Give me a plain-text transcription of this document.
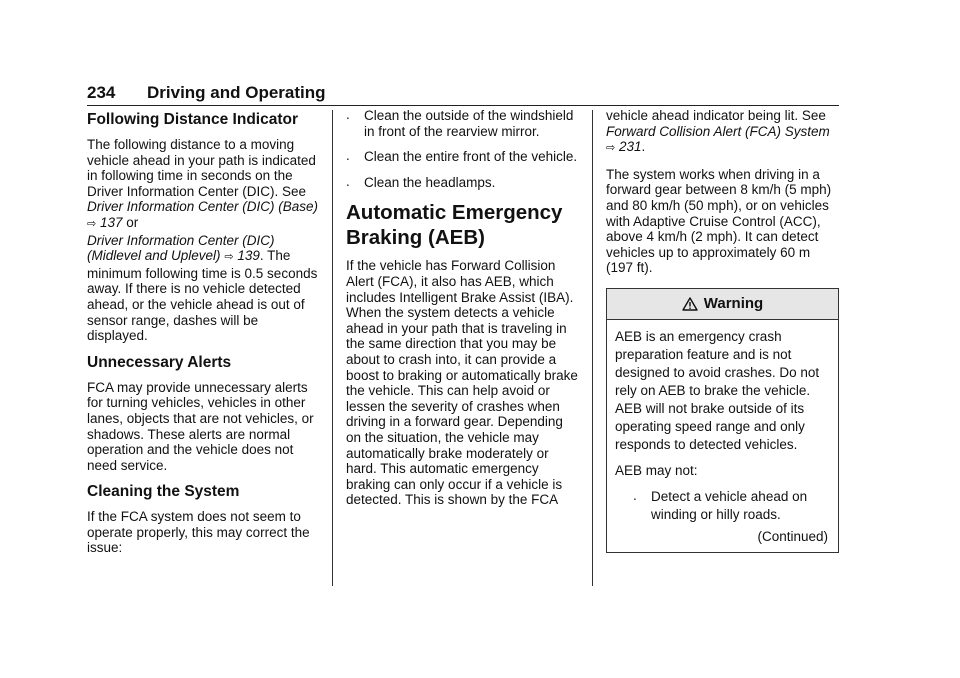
234 Driving and Operating
Following Distance Indicator

The following distance to a moving vehicle ahead in your path is indicated in following time in seconds on the Driver Information Center (DIC). See Driver Information Center (DIC) (Base)
⇨ 137 or
Driver Information Center (DIC) (Midlevel and Uplevel) ⇨ 139. The minimum following time is 0.5 seconds away. If there is no vehicle detected ahead, or the vehicle ahead is out of sensor range, dashes will be displayed.

Unnecessary Alerts

FCA may provide unnecessary alerts for turning vehicles, vehicles in other lanes, objects that are not vehicles, or shadows. These alerts are normal operation and the vehicle does not need service.

Cleaning the System

If the FCA system does not seem to operate properly, this may correct the issue:

. Clean the outside of the windshield in front of the rearview mirror.
. Clean the entire front of the vehicle.
. Clean the headlamps.
Automatic Emergency Braking (AEB)

If the vehicle has Forward Collision Alert (FCA), it also has AEB, which includes Intelligent Brake Assist (IBA). When the system detects a vehicle ahead in your path that is traveling in the same direction that you may be about to crash into, it can provide a boost to braking or automatically brake the vehicle. This can help avoid or lessen the severity of crashes when driving in a forward gear. Depending on the situation, the vehicle may automatically brake moderately or hard. This automatic emergency braking can only occur if a vehicle is detected. This is shown by the FCA

vehicle ahead indicator being lit. See Forward Collision Alert (FCA) System ⇨ 231.

The system works when driving in a forward gear between 8 km/h (5 mph) and 80 km/h (50 mph), or on vehicles with Adaptive Cruise Control (ACC), above 4 km/h (2 mph). It can detect vehicles up to approximately 60 m (197 ft).

Warning

AEB is an emergency crash preparation feature and is not designed to avoid crashes. Do not rely on AEB to brake the vehicle. AEB will not brake outside of its operating speed range and only responds to detected vehicles.

AEB may not:

. Detect a vehicle ahead on winding or hilly roads.
(Continued)
